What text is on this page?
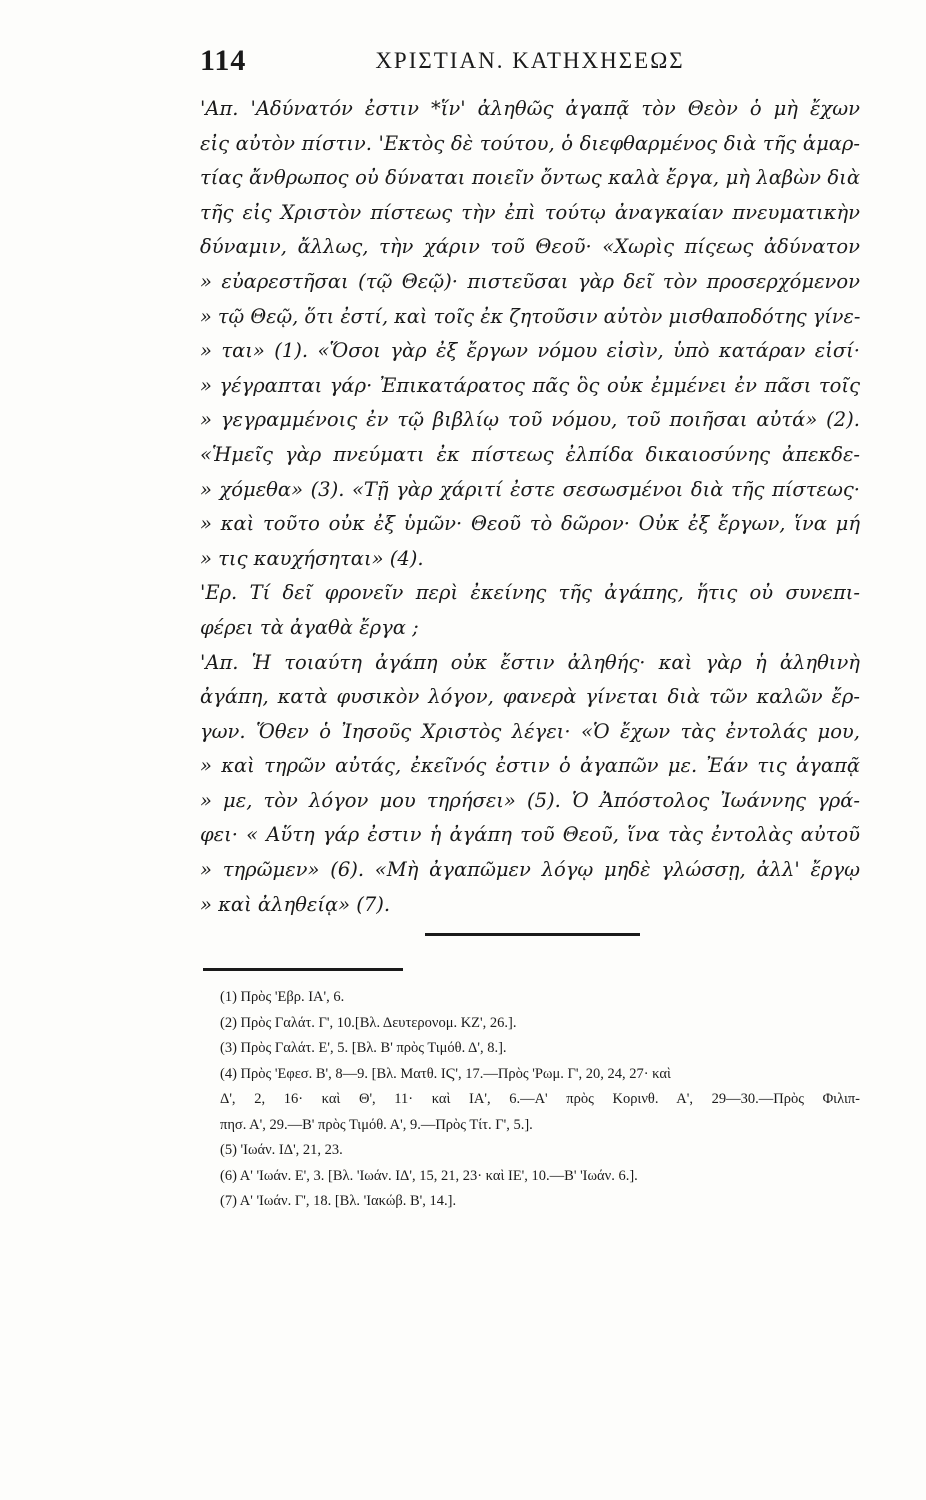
114	ΧΡΙΣΤΙΑΝ. ΚΑΤΗΧΗΣΕΩΣ
'Απ. 'Αδύνατόν ἐστιν *ἵν' ἀληθῶς ἀγαπᾷ τὸν Θεὸν ὁ μὴ ἔχων
εἰς αὐτὸν πίστιν. 'Εκτὸς δὲ τούτου, ὁ διεφθαρμένος διὰ τῆς ἁμαρ-
τίας ἄνθρωπος οὐ δύναται ποιεῖν ὄντως καλὰ ἔργα, μὴ λαβὼν διὰ
τῆς εἰς Χριστὸν πίστεως τὴν ἐπὶ τούτῳ ἀναγκαίαν πνευματικὴν
δύναμιν, ἄλλως, τὴν χάριν τοῦ Θεοῦ· «Χωρὶς πίςεως ἀδύνατον
» εὐαρεστῆσαι (τῷ Θεῷ)· πιστεῦσαι γὰρ δεῖ τὸν προσερχόμενον
» τῷ Θεῷ, ὅτι ἐστί, καὶ τοῖς ἐκ ζητοῦσιν αὐτὸν μισθαποδότης γίνε-
» ται» (1). «Ὅσοι γὰρ ἐξ ἔργων νόμου εἰσὶν, ὑπὸ κατάραν εἰσί·
» γέγραπται γάρ· Ἐπικατάρατος πᾶς ὃς οὐκ ἐμμένει ἐν πᾶσι τοῖς
» γεγραμμένοις ἐν τῷ βιβλίῳ τοῦ νόμου, τοῦ ποιῆσαι αὐτά» (2).
«Ἡμεῖς γὰρ πνεύματι ἐκ πίστεως ἐλπίδα δικαιοσύνης ἀπεκδε-
» χόμεθα» (3). «Τῇ γὰρ χάριτί ἐστε σεσωσμένοι διὰ τῆς πίστεως·
» καὶ τοῦτο οὐκ ἐξ ὑμῶν· Θεοῦ τὸ δῶρον· Οὐκ ἐξ ἔργων, ἵνα μή
» τις καυχήσηται» (4).
'Ερ. Τί δεῖ φρονεῖν περὶ ἐκείνης τῆς ἀγάπης, ἥτις οὐ συνεπι-
φέρει τὰ ἀγαθὰ ἔργα ;
'Απ. Ἡ τοιαύτη ἀγάπη οὐκ ἔστιν ἀληθής· καὶ γὰρ ἡ ἀληθινὴ
ἀγάπη, κατὰ φυσικὸν λόγον, φανερὰ γίνεται διὰ τῶν καλῶν ἔρ-
γων. Ὅθεν ὁ Ἰησοῦς Χριστὸς λέγει· «Ὁ ἔχων τὰς ἐντολάς μου,
» καὶ τηρῶν αὐτάς, ἐκεῖνός ἐστιν ὁ ἀγαπῶν με. Ἐάν τις ἀγαπᾷ
» με, τὸν λόγον μου τηρήσει» (5). Ὁ Ἀπόστολος Ἰωάννης γρά-
φει· « Αὕτη γάρ ἐστιν ἡ ἀγάπη τοῦ Θεοῦ, ἵνα τὰς ἐντολὰς αὐτοῦ
» τηρῶμεν» (6). «Μὴ ἀγαπῶμεν λόγῳ μηδὲ γλώσσῃ, ἀλλ' ἔργῳ
» καὶ ἀληθείᾳ» (7).
(1) Πρὸς 'Εβρ. ΙΑ', 6.
(2) Πρὸς Γαλάτ. Γ', 10.[Βλ. Δευτερονομ. ΚΖ', 26.].
(3) Πρὸς Γαλάτ. Ε', 5. [Βλ. Β' πρὸς Τιμόθ. Δ', 8.].
(4) Πρὸς 'Εφεσ. Β', 8—9. [Βλ. Ματθ. ΙϚ', 17.—Πρὸς 'Ρωμ. Γ', 20, 24, 27· καὶ
Δ', 2, 16· καὶ Θ', 11· καὶ ΙΑ', 6.—Α' πρὸς Κορινθ. Α', 29—30.—Πρὸς Φιλιπ-
πησ. Α', 29.—Β' πρὸς Τιμόθ. Α', 9.—Πρὸς Τίτ. Γ', 5.].
(5) 'Ιωάν. ΙΔ', 21, 23.
(6) Α' 'Ιωάν. Ε', 3. [Βλ. 'Ιωάν. ΙΔ', 15, 21, 23· καὶ ΙΕ', 10.—Β' 'Ιωάν. 6.].
(7) Α' 'Ιωάν. Γ', 18. [Βλ. 'Ιακώβ. Β', 14.].
